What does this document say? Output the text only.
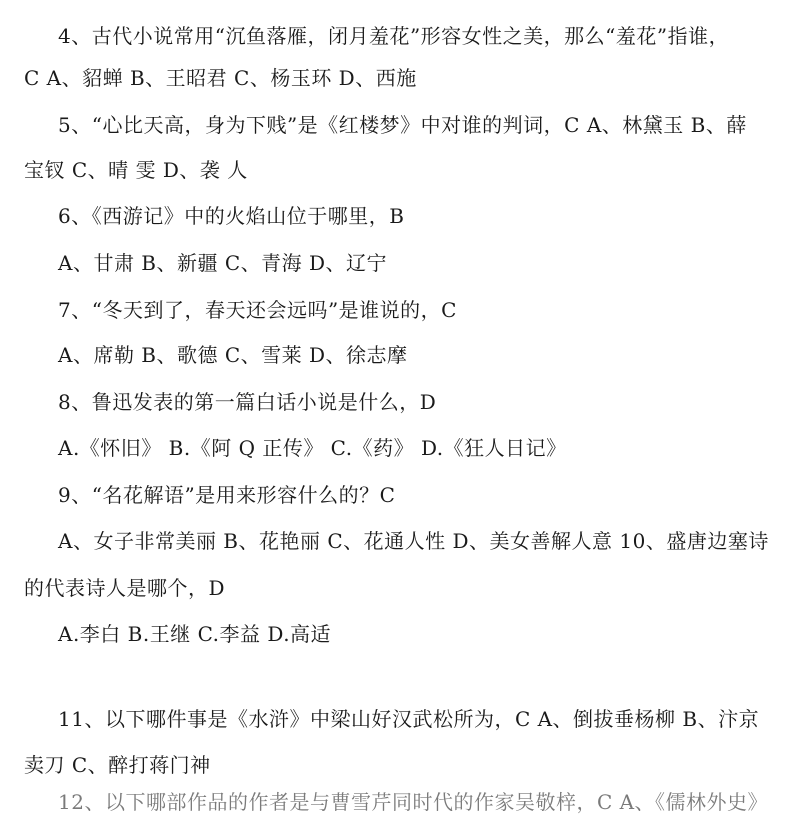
4、古代小说常用“沉鱼落雁，闭月羞花”形容女性之美，那么“羞花”指谁，
C A、貂蝉 B、王昭君 C、杨玉环 D、西施
5、“心比天高，身为下贱”是《红楼梦》中对谁的判词，C A、林黛玉 B、薛
宝钗 C、晴 雯 D、袭 人
6、《西游记》中的火焰山位于哪里，B
A、甘肃 B、新疆 C、青海 D、辽宁
7、“冬天到了，春天还会远吗”是谁说的，C
A、席勒 B、歌德 C、雪莱 D、徐志摩
8、鲁迅发表的第一篇白话小说是什么，D
A.《怀旧》 B.《阿 Q 正传》 C.《药》 D.《狂人日记》
9、“名花解语”是用来形容什么的？C
A、女子非常美丽 B、花艳丽 C、花通人性 D、美女善解人意 10、盛唐边塞诗
的代表诗人是哪个，D
A.李白 B.王继 C.李益 D.高适
11、以下哪件事是《水浒》中梁山好汉武松所为，C A、倒拔垂杨柳 B、汴京
卖刀 C、醉打蒋门神
12、以下哪部作品的作者是与曹雪芹同时代的作家吴敬梓，C A、《儒林外史》
